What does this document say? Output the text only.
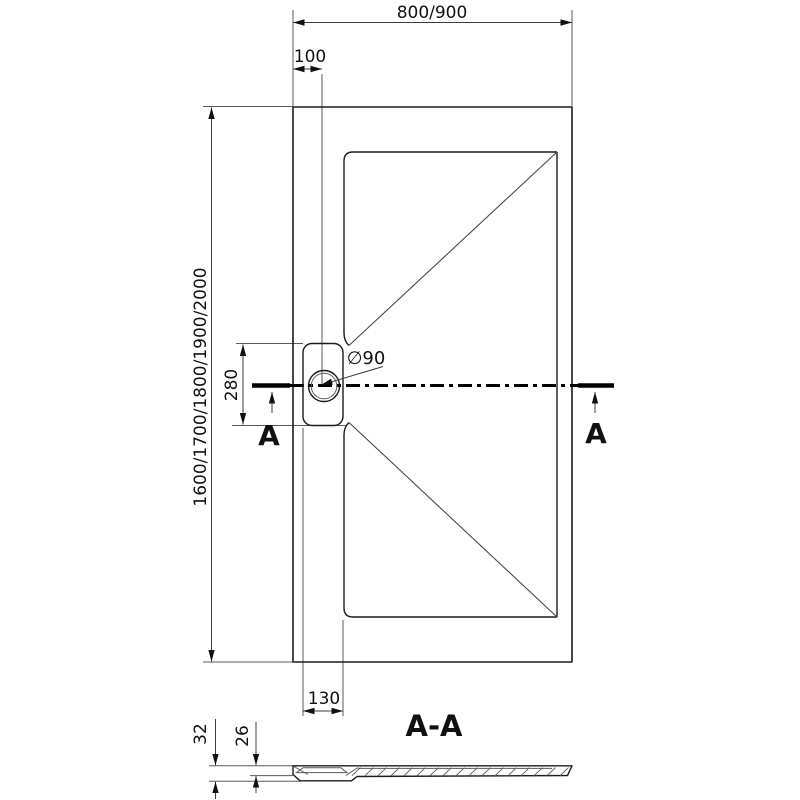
800/900
100
1600/1700/1800/1900/2000 280
130
∅90
A	A
A-A
32 26
